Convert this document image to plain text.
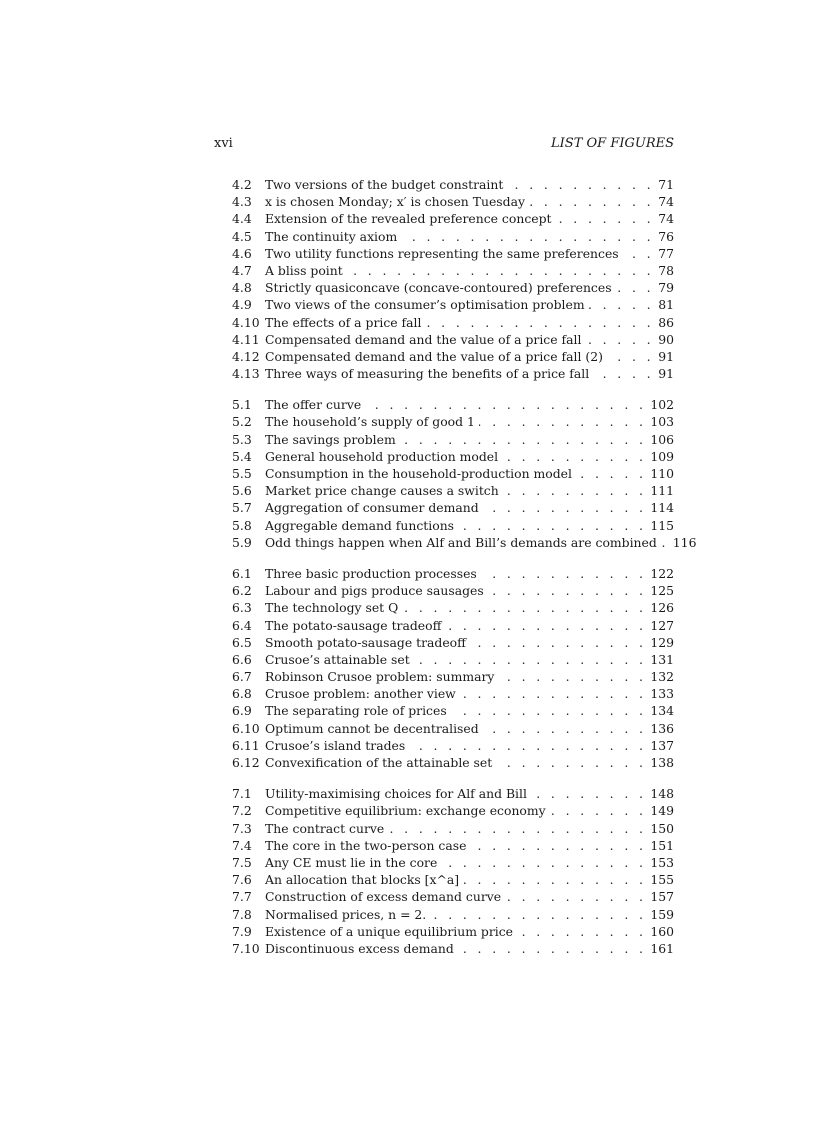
xvi	LIST OF FIGURES
4.2	Two versions of the budget constraint . . .	71
4.3	x is chosen Monday; x′ is chosen Tuesday . . .	74
4.4	Extension of the revealed preference concept . . .	74
4.5	The continuity axiom . . .	76
4.6	Two utility functions representing the same preferences . . .	77
4.7	A bliss point . . .	78
4.8	Strictly quasiconcave (concave-contoured) preferences . . .	79
4.9	Two views of the consumer’s optimisation problem . . .	81
4.10 The effects of a price fall . . .	86
4.11 Compensated demand and the value of a price fall . . .	90
4.12 Compensated demand and the value of a price fall (2) . . .	91
4.13 Three ways of measuring the benefits of a price fall . . .	91
5.1	The offer curve . . .	102
5.2	The household’s supply of good 1 . . .	103
5.3	The savings problem . . .	106
5.4	General household production model . . .	109
5.5	Consumption in the household-production model . . .	110
5.6	Market price change causes a switch . . .	111
5.7	Aggregation of consumer demand . . .	114
5.8	Aggregable demand functions . . .	115
5.9	Odd things happen when Alf and Bill’s demands are combined . . .	116
6.1	Three basic production processes . . .	122
6.2	Labour and pigs produce sausages . . .	125
6.3	The technology set Q . . .	126
6.4	The potato-sausage tradeoff . . .	127
6.5	Smooth potato-sausage tradeoff . . .	129
6.6	Crusoe’s attainable set . . .	131
6.7	Robinson Crusoe problem: summary . . .	132
6.8	Crusoe problem: another view . . .	133
6.9	The separating role of prices . . .	134
6.10 Optimum cannot be decentralised . . .	136
6.11 Crusoe’s island trades . . .	137
6.12 Convexification of the attainable set . . .	138
7.1	Utility-maximising choices for Alf and Bill . . .	148
7.2	Competitive equilibrium: exchange economy . . .	149
7.3	The contract curve . . .	150
7.4	The core in the two-person case . . .	151
7.5	Any CE must lie in the core . . .	153
7.6	An allocation that blocks [x^a] . . .	155
7.7	Construction of excess demand curve . . .	157
7.8	Normalised prices, n = 2. . . .	159
7.9	Existence of a unique equilibrium price . . .	160
7.10 Discontinuous excess demand . . .	161
